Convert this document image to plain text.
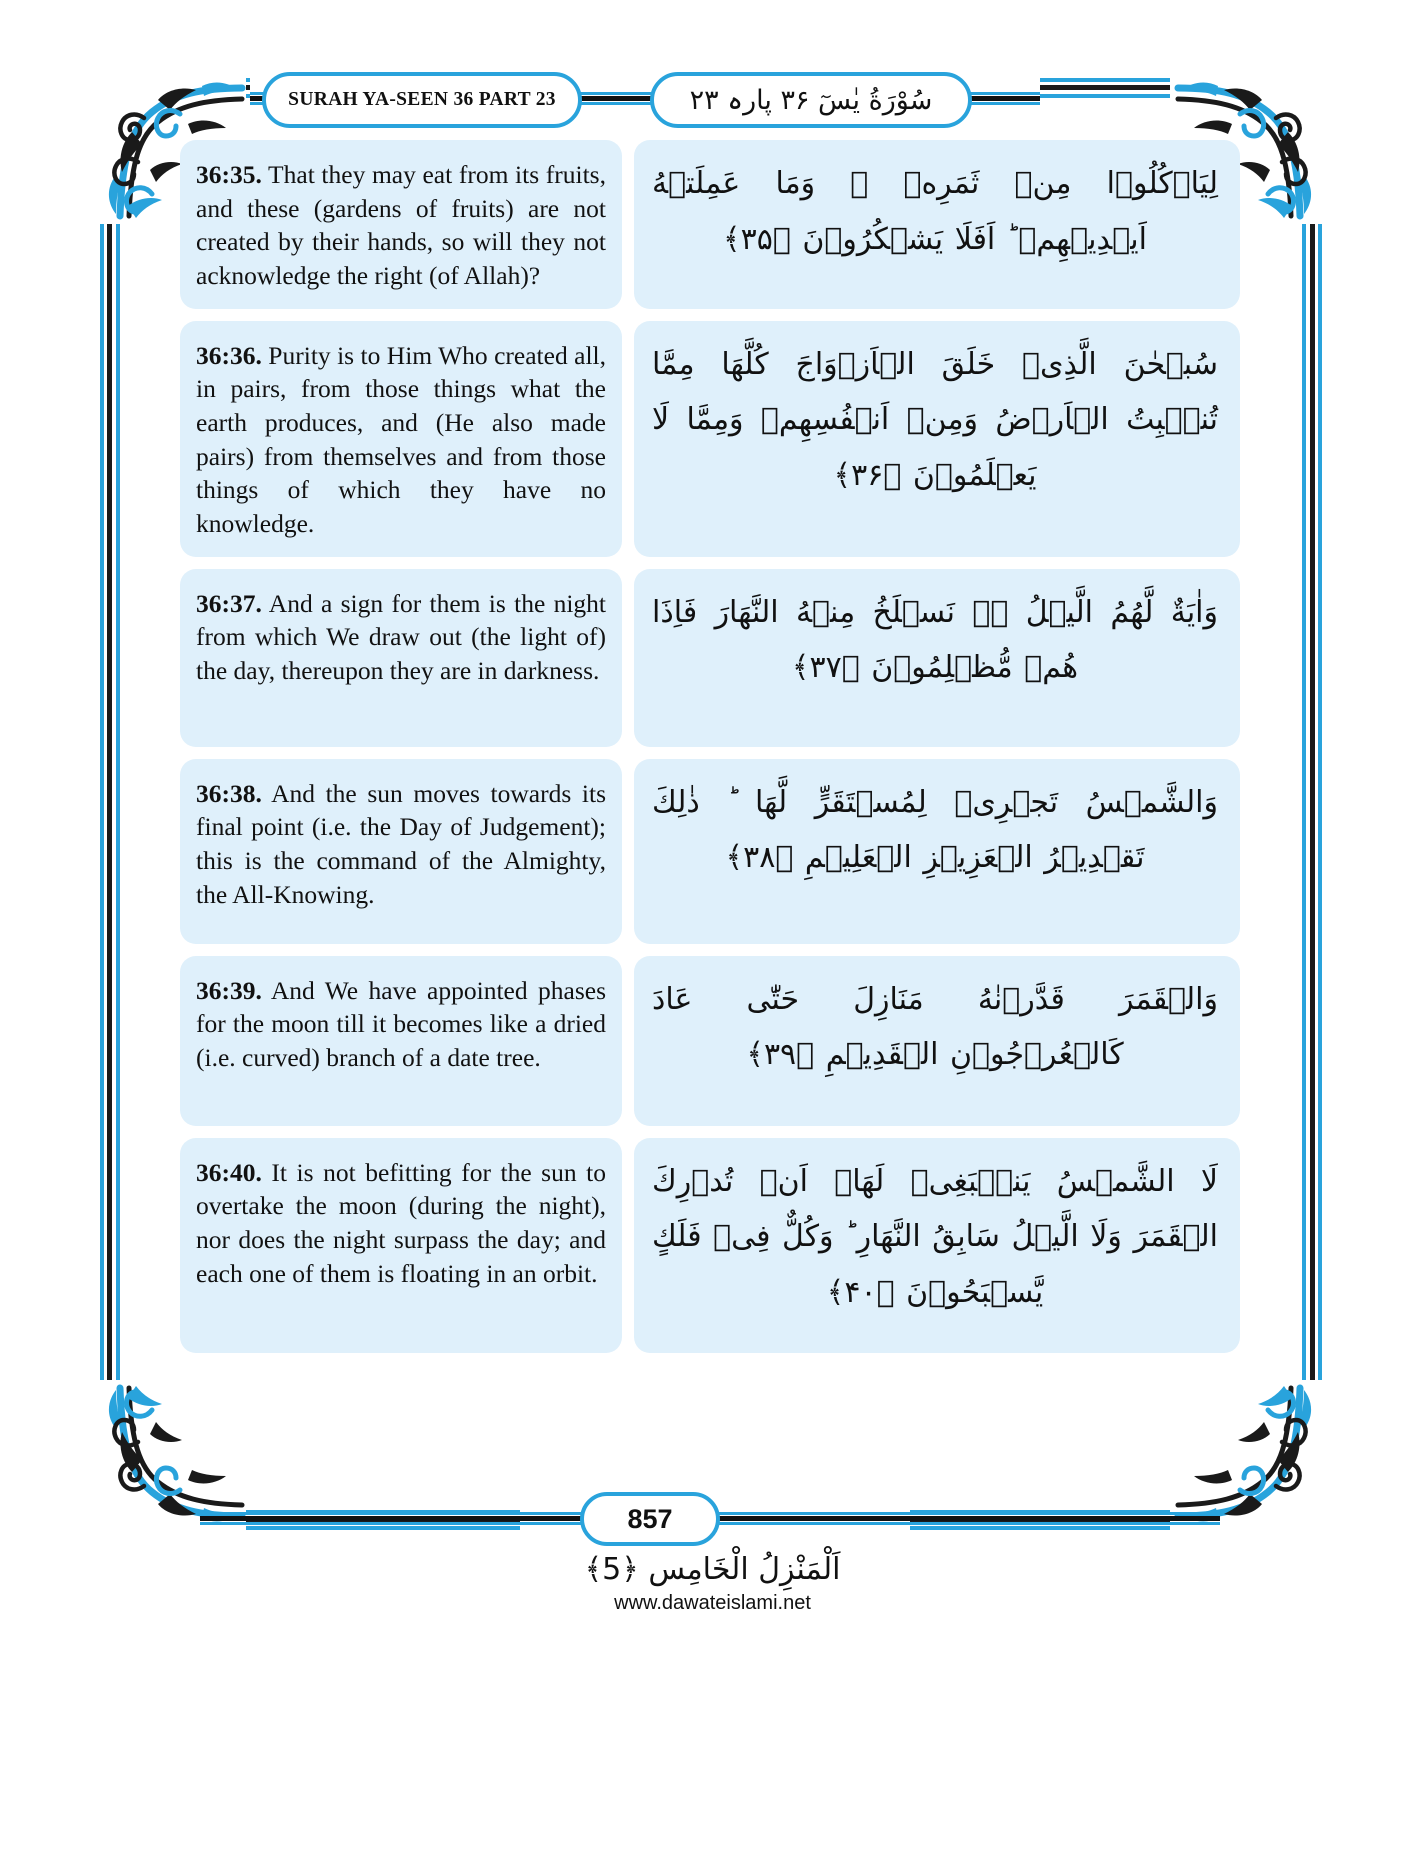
SURAH YA-SEEN 36 PART 23	سُوْرَةُ یٰسٓ ۳۶ پارہ ۲۳
36:35. That they may eat from its fruits, and these (gardens of fruits) are not created by their hands, so will they not acknowledge the right (of Allah)?
لِیَاۡکُلُوۡا مِنۡ ثَمَرِهٖ ۙ وَمَا عَمِلَتۡهُ اَیۡدِیۡهِمۡ ؕ اَفَلَا یَشۡکُرُوۡنَ ﴿۳۵﴾
36:36. Purity is to Him Who created all, in pairs, from those things what the earth produces, and (He also made pairs) from themselves and from those things of which they have no knowledge.
سُبۡحٰنَ الَّذِیۡ خَلَقَ الۡاَزۡوَاجَ کُلَّهَا مِمَّا تُنۡۢبِتُ الۡاَرۡضُ وَمِنۡ اَنۡفُسِهِمۡ وَمِمَّا لَا یَعۡلَمُوۡنَ ﴿۳۶﴾
36:37. And a sign for them is the night from which We draw out (the light of) the day, thereupon they are in darkness.
وَاٰیَةٌ لَّهُمُ الَّیۡلُ ۚۖ نَسۡلَخُ مِنۡهُ النَّهَارَ فَاِذَا هُمۡ مُّظۡلِمُوۡنَ ﴿۳۷﴾
36:38. And the sun moves towards its final point (i.e. the Day of Judgement); this is the command of the Almighty, the All-Knowing.
وَالشَّمۡسُ تَجۡرِیۡ لِمُسۡتَقَرٍّ لَّهَا ؕ ذٰلِكَ تَقۡدِیۡرُ الۡعَزِیۡزِ الۡعَلِیۡمِ ﴿۳۸﴾
36:39. And We have appointed phases for the moon till it becomes like a dried (i.e. curved) branch of a date tree.
وَالۡقَمَرَ قَدَّرۡنٰهُ مَنَازِلَ حَتّٰی عَادَ کَالۡعُرۡجُوۡنِ الۡقَدِیۡمِ ﴿۳۹﴾
36:40. It is not befitting for the sun to overtake the moon (during the night), nor does the night surpass the day; and each one of them is floating in an orbit.
لَا الشَّمۡسُ یَنۡۢبَغِیۡ لَهَاۤ اَنۡ تُدۡرِكَ الۡقَمَرَ وَلَا الَّیۡلُ سَابِقُ النَّهَارِ ؕ وَکُلٌّ فِیۡ فَلَكٍ یَّسۡبَحُوۡنَ ﴿۴۰﴾
857
اَلْمَنْزِلُ الْخَامِس ﴿5﴾
www.dawateislami.net
